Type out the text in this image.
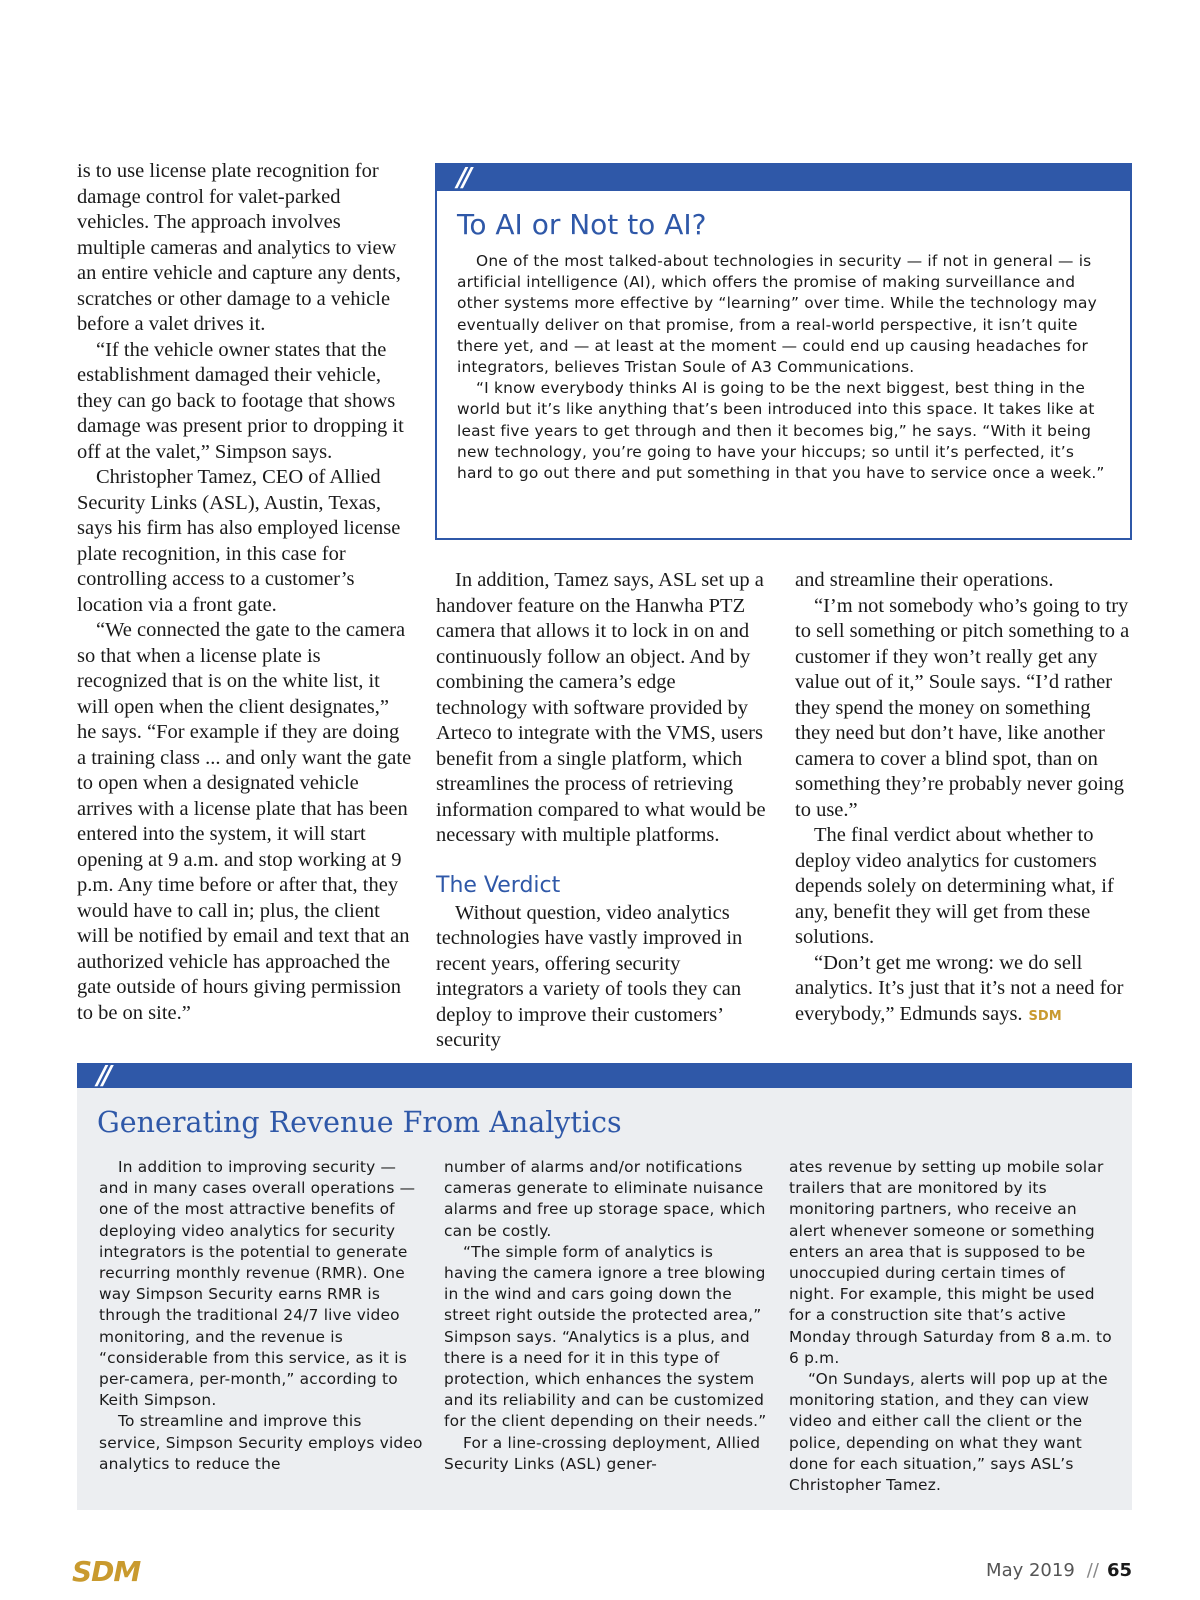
is to use license plate recognition for damage control for valet-parked vehicles. The approach involves multiple cameras and analytics to view an entire vehicle and capture any dents, scratches or other damage to a vehicle before a valet drives it.

“If the vehicle owner states that the establishment damaged their vehicle, they can go back to footage that shows damage was present prior to dropping it off at the valet,” Simpson says.

Christopher Tamez, CEO of Allied Security Links (ASL), Austin, Texas, says his firm has also employed license plate recognition, in this case for controlling access to a customer’s location via a front gate.

“We connected the gate to the camera so that when a license plate is recognized that is on the white list, it will open when the client designates,” he says. “For example if they are doing a training class ... and only want the gate to open when a designated vehicle arrives with a license plate that has been entered into the system, it will start opening at 9 a.m. and stop working at 9 p.m. Any time before or after that, they would have to call in; plus, the client will be notified by email and text that an authorized vehicle has approached the gate outside of hours giving permission to be on site.”

//
To AI or Not to AI?

One of the most talked-about technologies in security — if not in general — is artificial intelligence (AI), which offers the promise of making surveillance and other systems more effective by “learning” over time. While the technology may eventually deliver on that promise, from a real-world perspective, it isn’t quite there yet, and — at least at the moment — could end up causing headaches for integrators, believes Tristan Soule of A3 Communications.

“I know everybody thinks AI is going to be the next biggest, best thing in the world but it’s like anything that’s been introduced into this space. It takes like at least five years to get through and then it becomes big,” he says. “With it being new technology, you’re going to have your hiccups; so until it’s perfected, it’s hard to go out there and put something in that you have to service once a week.”

In addition, Tamez says, ASL set up a handover feature on the Hanwha PTZ camera that allows it to lock in on and continuously follow an object. And by combining the camera’s edge technology with software provided by Arteco to integrate with the VMS, users benefit from a single platform, which streamlines the process of retrieving information compared to what would be necessary with multiple platforms.

The Verdict

Without question, video analytics technologies have vastly improved in recent years, offering security integrators a variety of tools they can deploy to improve their customers’ security

and streamline their operations.

“I’m not somebody who’s going to try to sell something or pitch something to a customer if they won’t really get any value out of it,” Soule says. “I’d rather they spend the money on something they need but don’t have, like another camera to cover a blind spot, than on something they’re probably never going to use.”

The final verdict about whether to deploy video analytics for customers depends solely on determining what, if any, benefit they will get from these solutions.

“Don’t get me wrong: we do sell analytics. It’s just that it’s not a need for everybody,” Edmunds says. SDM

//
Generating Revenue From Analytics

In addition to improving security — and in many cases overall operations — one of the most attractive benefits of deploying video analytics for security integrators is the potential to generate recurring monthly revenue (RMR). One way Simpson Security earns RMR is through the traditional 24/7 live video monitoring, and the revenue is “considerable from this service, as it is per-camera, per-month,” according to Keith Simpson.

To streamline and improve this service, Simpson Security employs video analytics to reduce the

number of alarms and/or notifications cameras generate to eliminate nuisance alarms and free up storage space, which can be costly.

“The simple form of analytics is having the camera ignore a tree blowing in the wind and cars going down the street right outside the protected area,” Simpson says. “Analytics is a plus, and there is a need for it in this type of protection, which enhances the system and its reliability and can be customized for the client depending on their needs.”

For a line-crossing deployment, Allied Security Links (ASL) gener-

ates revenue by setting up mobile solar trailers that are monitored by its monitoring partners, who receive an alert whenever someone or something enters an area that is supposed to be unoccupied during certain times of night. For example, this might be used for a construction site that’s active Monday through Saturday from 8 a.m. to 6 p.m.

“On Sundays, alerts will pop up at the monitoring station, and they can view video and either call the client or the police, depending on what they want done for each situation,” says ASL’s Christopher Tamez.

SDM	May 2019 // 65
